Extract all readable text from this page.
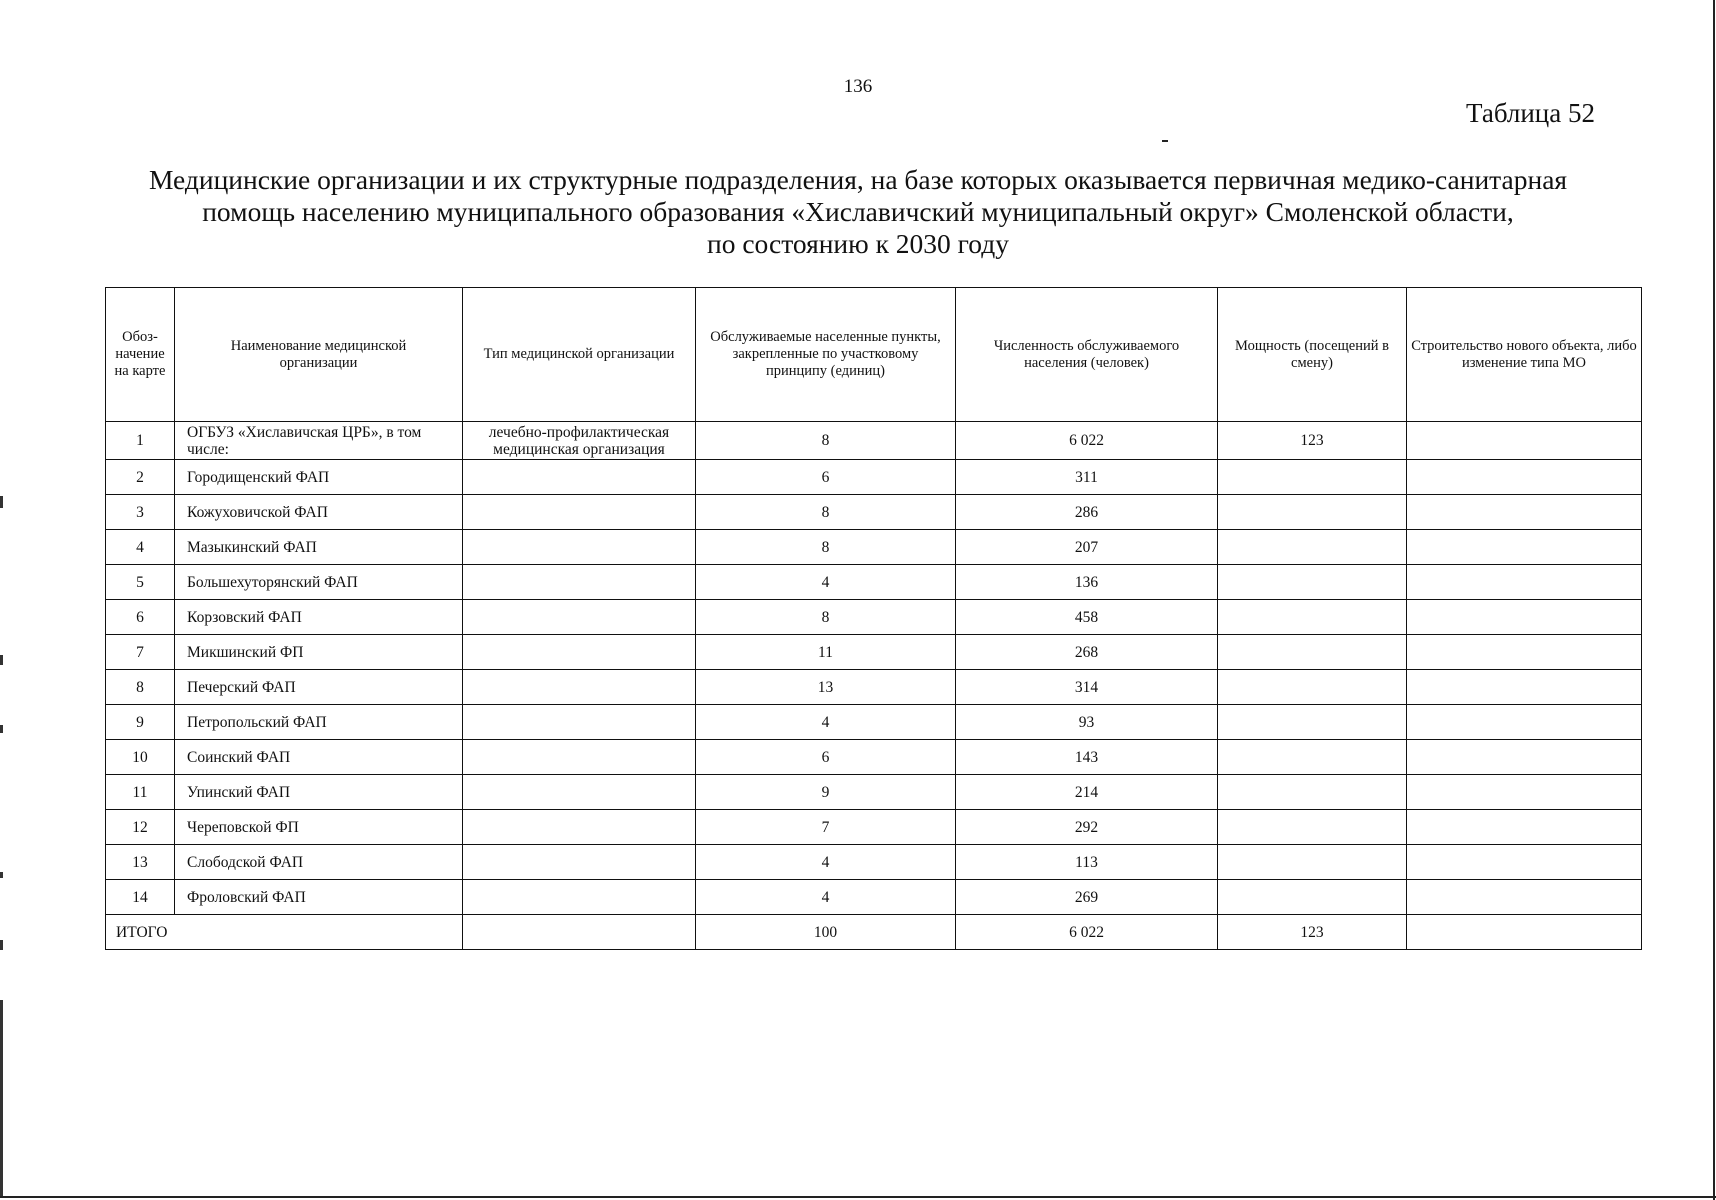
136
Таблица 52
Медицинские организации и их структурные подразделения, на базе которых оказывается первичная медико-санитарная
помощь населению муниципального образования «Хиславичский муниципальный округ» Смоленской области,
по состоянию к 2030 году
Обоз-начение на карте	Наименование медицинской организации	Тип медицинской организации	Обслуживаемые населенные пункты, закрепленные по участковому принципу (единиц)	Численность обслуживаемого населения (человек)	Мощность (посещений в смену)	Строительство нового объекта, либо изменение типа МО
1	ОГБУЗ «Хиславичская ЦРБ», в том числе:	лечебно-профилактическая медицинская организация	8	6 022	123	
2	Городищенский ФАП		6	311		
3	Кожуховичской ФАП		8	286		
4	Мазыкинский ФАП		8	207		
5	Большехуторянский ФАП		4	136		
6	Корзовский ФАП		8	458		
7	Микшинский ФП		11	268		
8	Печерский ФАП		13	314		
9	Петропольский ФАП		4	93		
10	Соинский ФАП		6	143		
11	Упинский ФАП		9	214		
12	Череповской ФП		7	292		
13	Слободской ФАП		4	113		
14	Фроловский ФАП		4	269		
ИТОГО			100	6 022	123	
